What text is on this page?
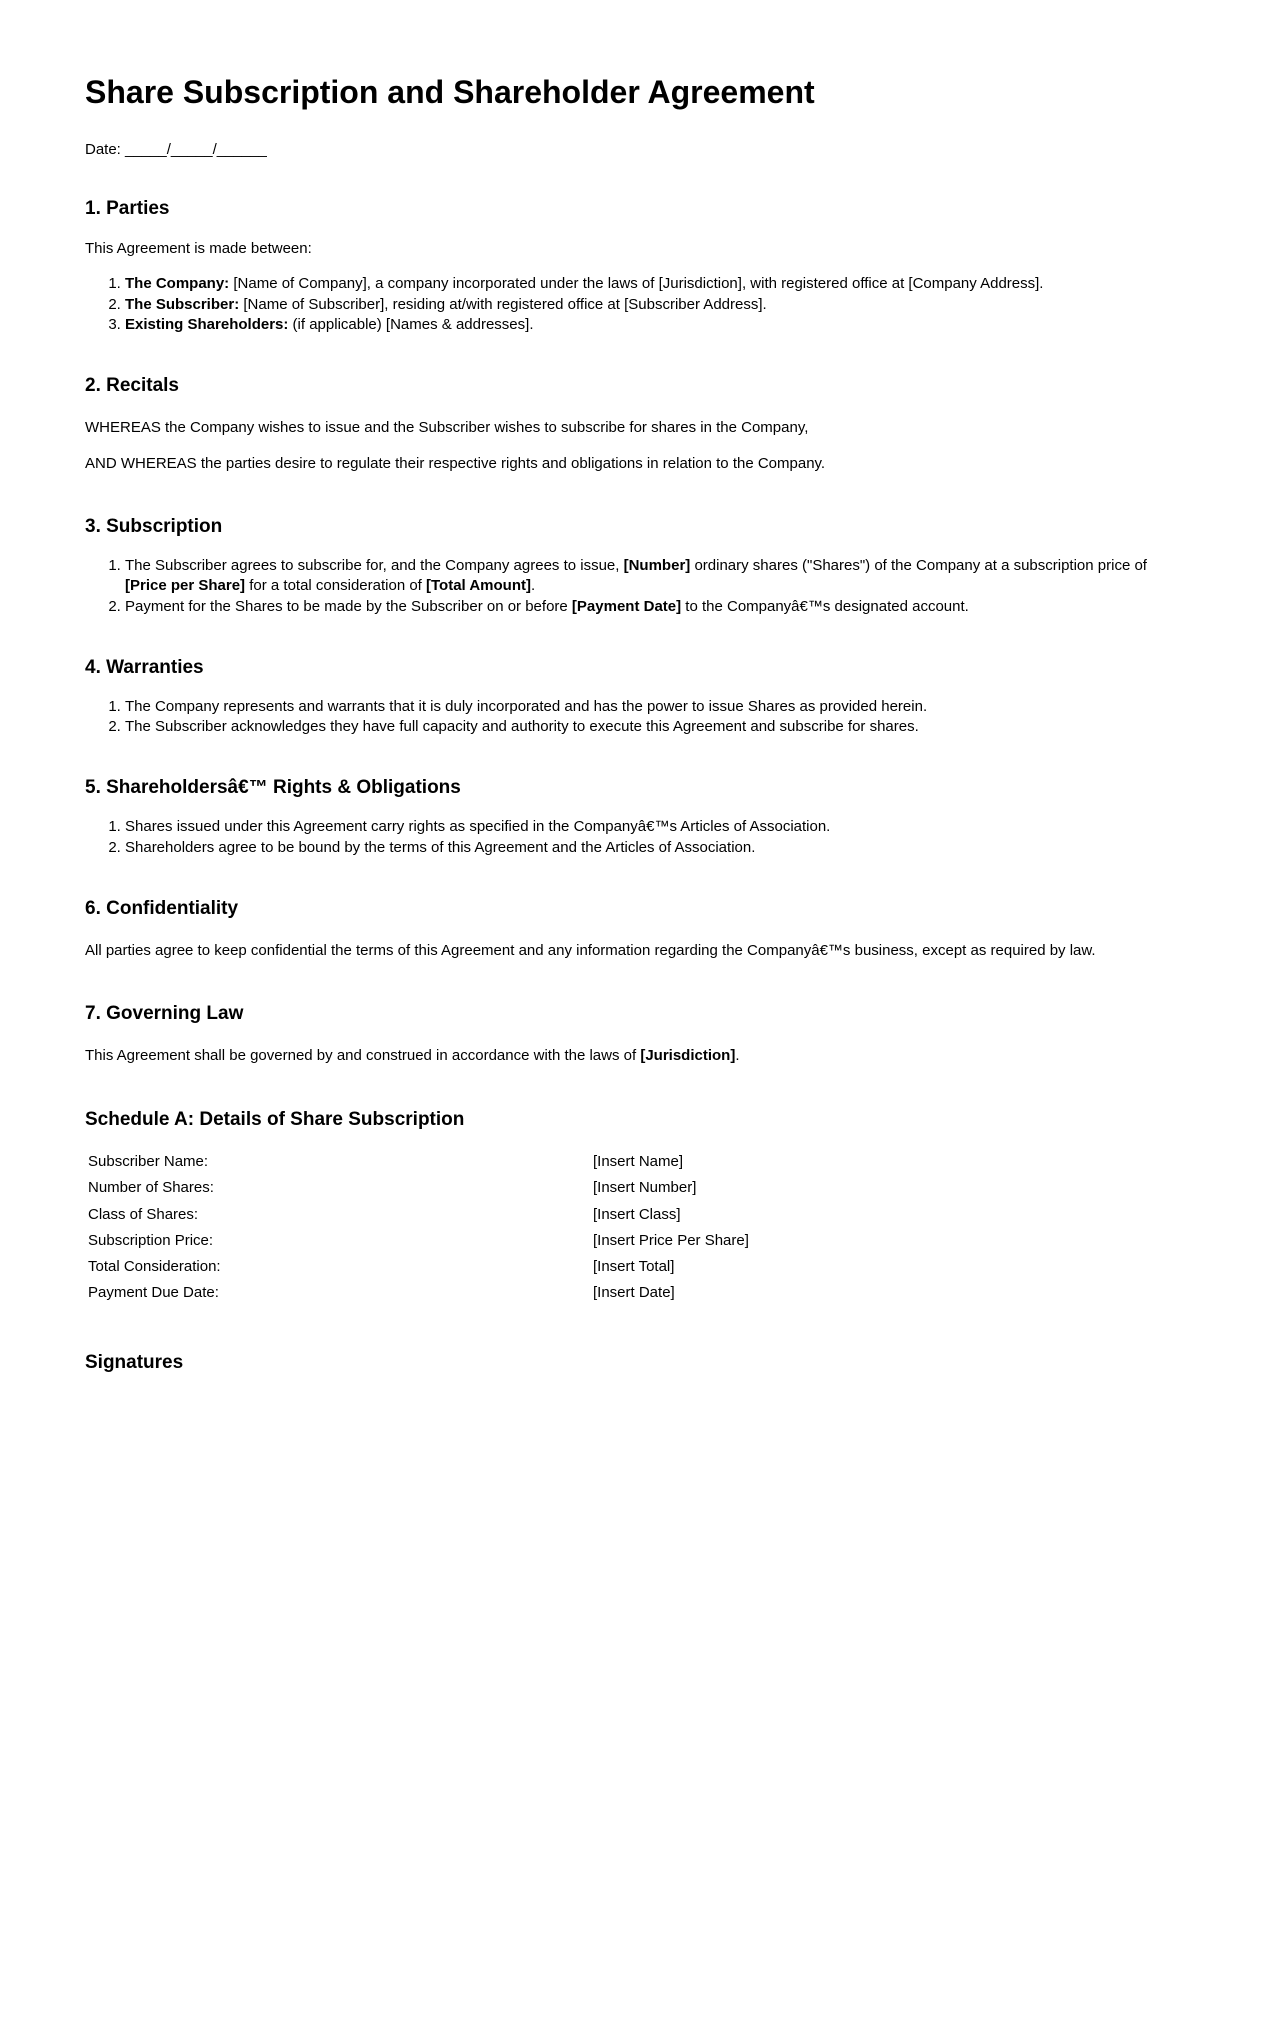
Share Subscription and Shareholder Agreement

Date: _____/_____/______

1. Parties

This Agreement is made between:

1. The Company: [Name of Company], a company incorporated under the laws of [Jurisdiction], with registered office at [Company Address].
2. The Subscriber: [Name of Subscriber], residing at/with registered office at [Subscriber Address].
3. Existing Shareholders: (if applicable) [Names & addresses].
2. Recitals

WHEREAS the Company wishes to issue and the Subscriber wishes to subscribe for shares in the Company,

AND WHEREAS the parties desire to regulate their respective rights and obligations in relation to the Company.

3. Subscription
1. The Subscriber agrees to subscribe for, and the Company agrees to issue, [Number] ordinary shares ("Shares") of the Company at a subscription price of [Price per Share] for a total consideration of [Total Amount].
2. Payment for the Shares to be made by the Subscriber on or before [Payment Date] to the Companyâ€™s designated account.
4. Warranties
1. The Company represents and warrants that it is duly incorporated and has the power to issue Shares as provided herein.
2. The Subscriber acknowledges they have full capacity and authority to execute this Agreement and subscribe for shares.
5. Shareholdersâ€™ Rights & Obligations
1. Shares issued under this Agreement carry rights as specified in the Companyâ€™s Articles of Association.
2. Shareholders agree to be bound by the terms of this Agreement and the Articles of Association.
6. Confidentiality

All parties agree to keep confidential the terms of this Agreement and any information regarding the Companyâ€™s business, except as required by law.

7. Governing Law

This Agreement shall be governed by and construed in accordance with the laws of [Jurisdiction].

Schedule A: Details of Share Subscription
Subscriber Name:	[Insert Name]
Number of Shares:	[Insert Number]
Class of Shares:	[Insert Class]
Subscription Price:	[Insert Price Per Share]
Total Consideration:	[Insert Total]
Payment Due Date:	[Insert Date]
Signatures
